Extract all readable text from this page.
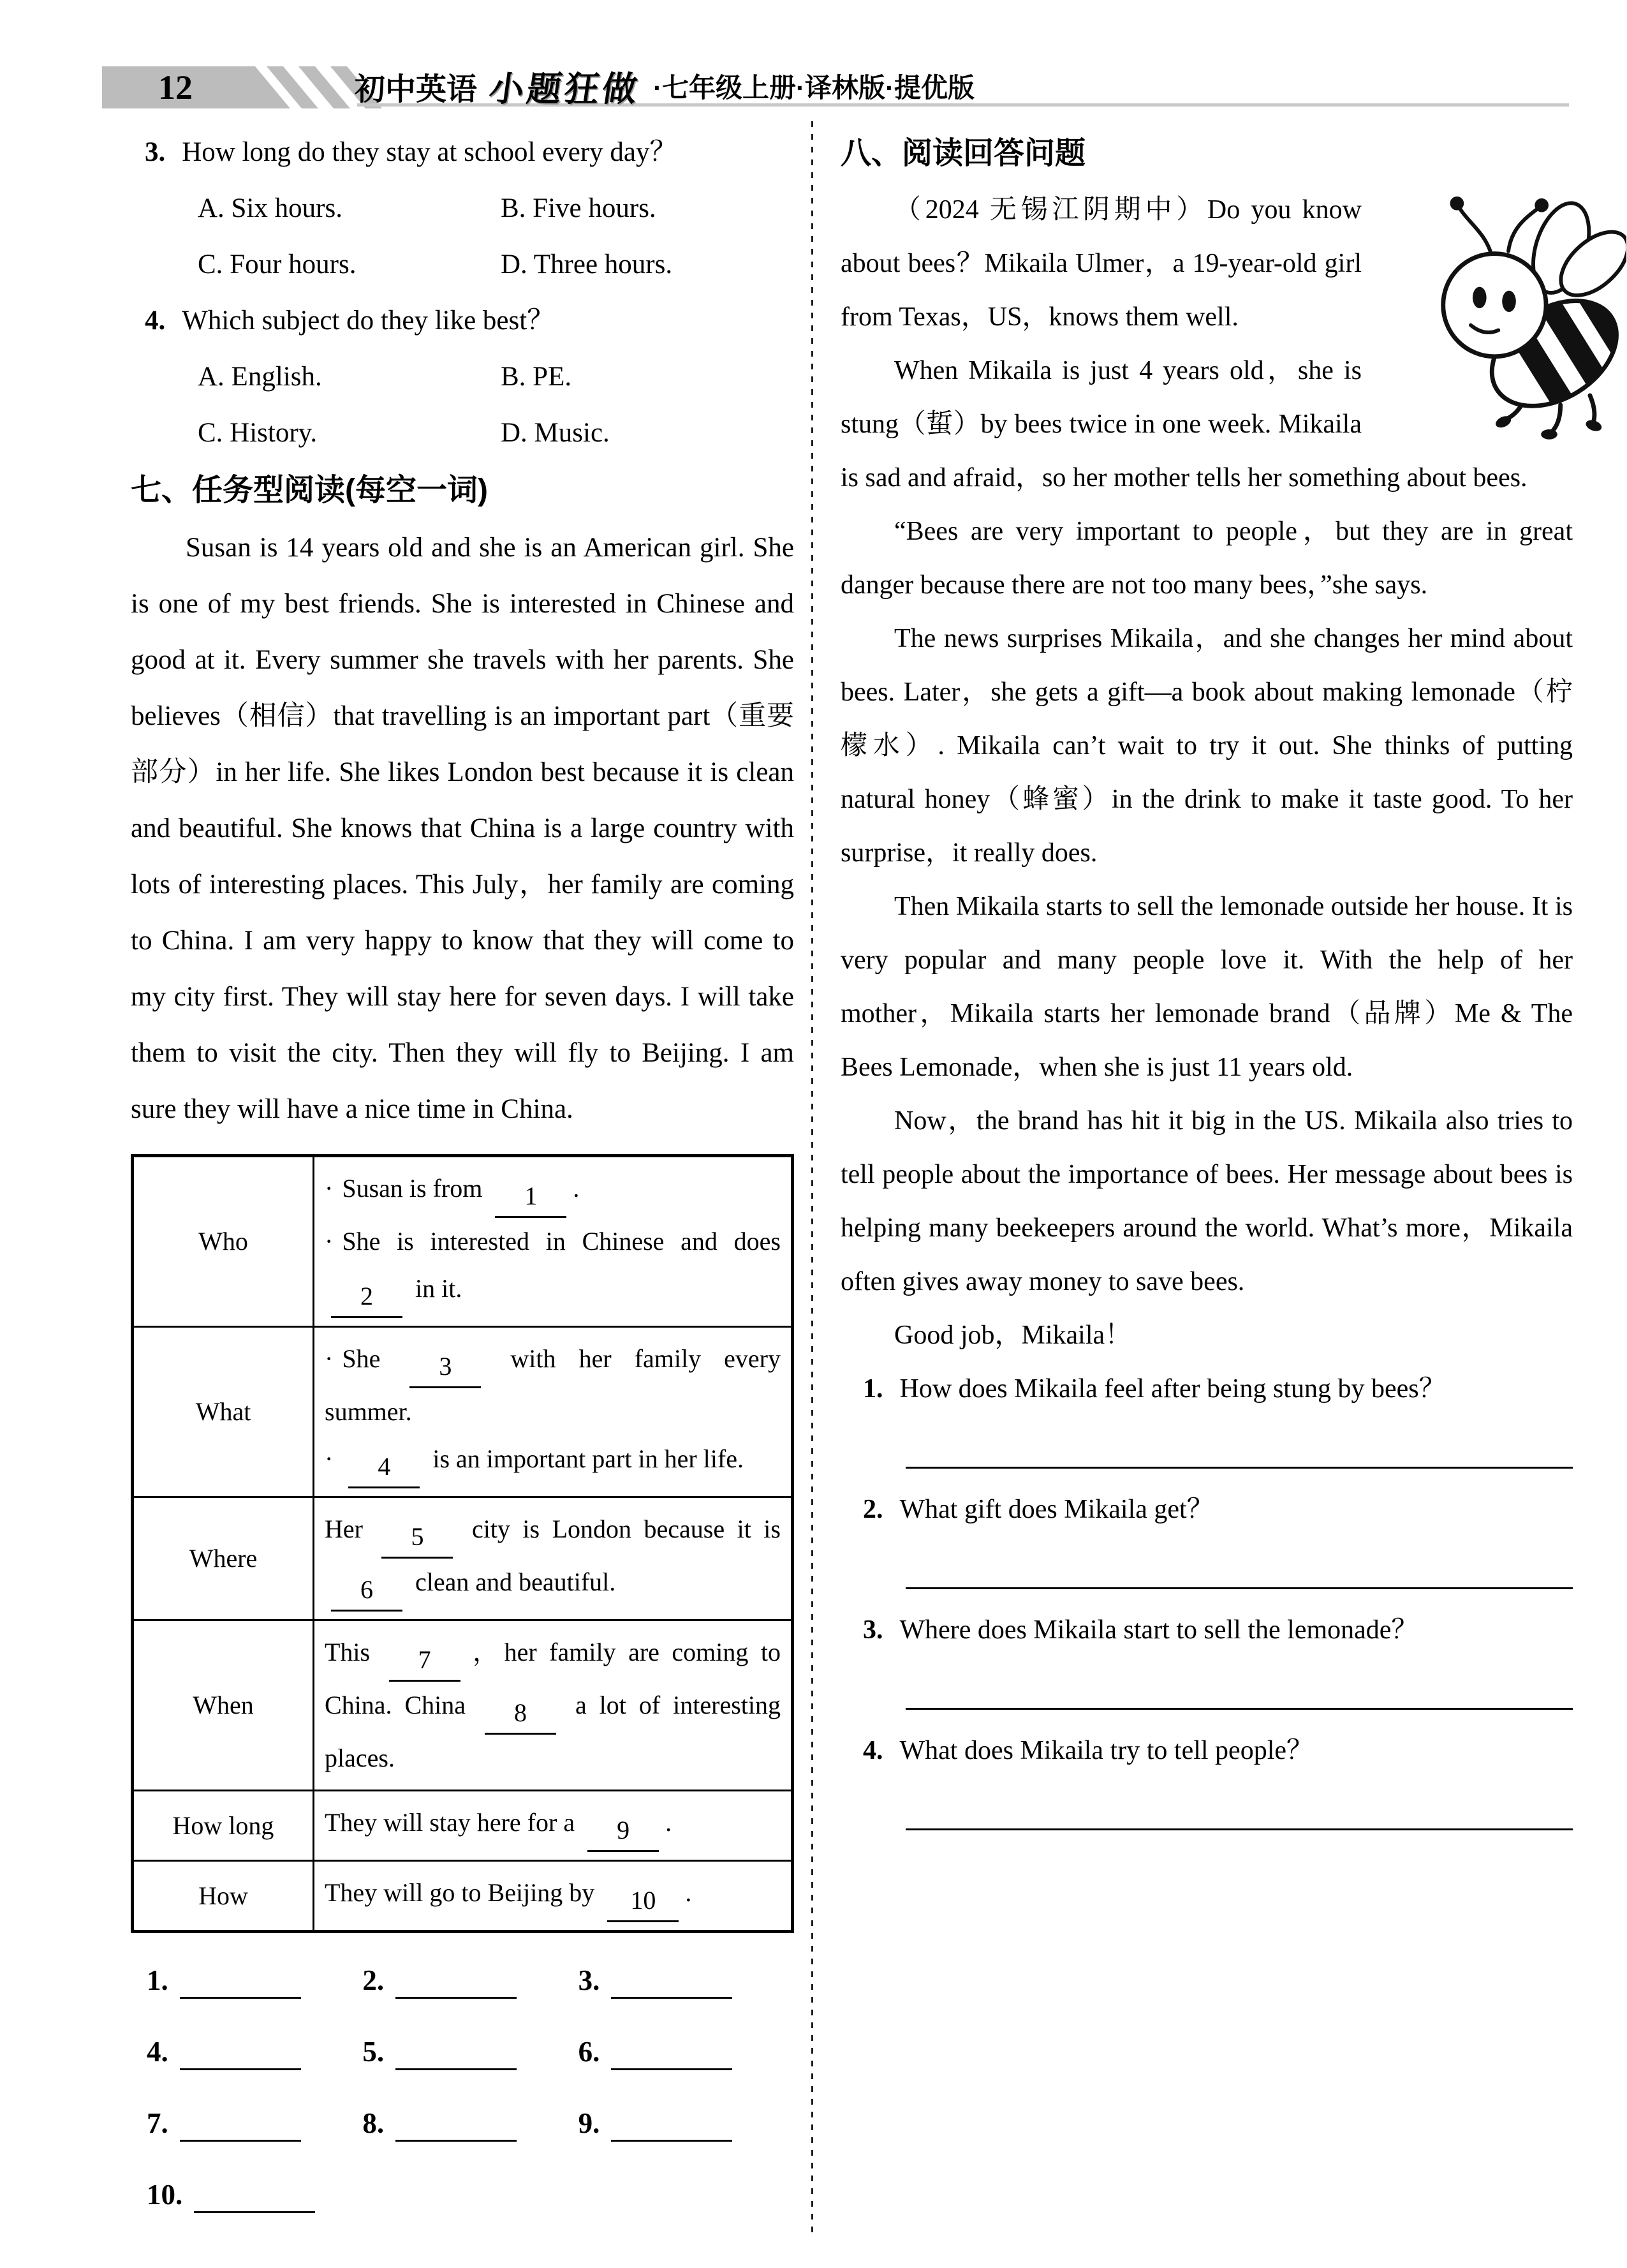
12	初中英语 小题狂做 ·七年级上册·译林版·提优版
3. How long do they stay at school every day？
A. Six hours.	B. Five hours.
C. Four hours.	D. Three hours.
4. Which subject do they like best？
A. English.	B. PE.
C. History.	D. Music.
七、任务型阅读(每空一词)

Susan is 14 years old and she is an American girl. She is one of my best friends. She is interested in Chinese and good at it. Every summer she travels with her parents. She believes（相信）that travelling is an important part（重要部分）in her life. She likes London best because it is clean and beautiful. She knows that China is a large country with lots of interesting places. This July，her family are coming to China. I am very happy to know that they will come to my city first. They will stay here for seven days. I will take them to visit the city. Then they will fly to Beijing. I am sure they will have a nice time in China.

Who	· Susan is from 1 .
· She is interested in Chinese and does 2 in it.

What	· She 3 with her family every summer.
· 4 is an important part in her life.

Where	Her 5 city is London because it is 6 clean and beautiful.

When	This 7 ，her family are coming to China. China 8 a lot of interesting places.

How long	They will stay here for a 9 .

How	They will go to Beijing by 10 .
1.	2.	3.
4.	5.	6.
7.	8.	9.
10.
八、阅读回答问题

（2024 无锡江阴期中）Do you know about bees？Mikaila Ulmer，a 19-year-old girl from Texas，US，knows them well.

When Mikaila is just 4 years old，she is stung（蜇）by bees twice in one week. Mikaila is sad and afraid，so her mother tells her something about bees.

“Bees are very important to people，but they are in great danger because there are not too many bees，”she says.

The news surprises Mikaila，and she changes her mind about bees. Later，she gets a gift—a book about making lemonade（柠檬水）. Mikaila can’t wait to try it out. She thinks of putting natural honey（蜂蜜）in the drink to make it taste good. To her surprise，it really does.

Then Mikaila starts to sell the lemonade outside her house. It is very popular and many people love it. With the help of her mother，Mikaila starts her lemonade brand（品牌）Me & The Bees Lemonade，when she is just 11 years old.

Now，the brand has hit it big in the US. Mikaila also tries to tell people about the importance of bees. Her message about bees is helping many beekeepers around the world. What’s more，Mikaila often gives away money to save bees.

Good job，Mikaila！

1. How does Mikaila feel after being stung by bees？
2. What gift does Mikaila get？
3. Where does Mikaila start to sell the lemonade？
4. What does Mikaila try to tell people？
